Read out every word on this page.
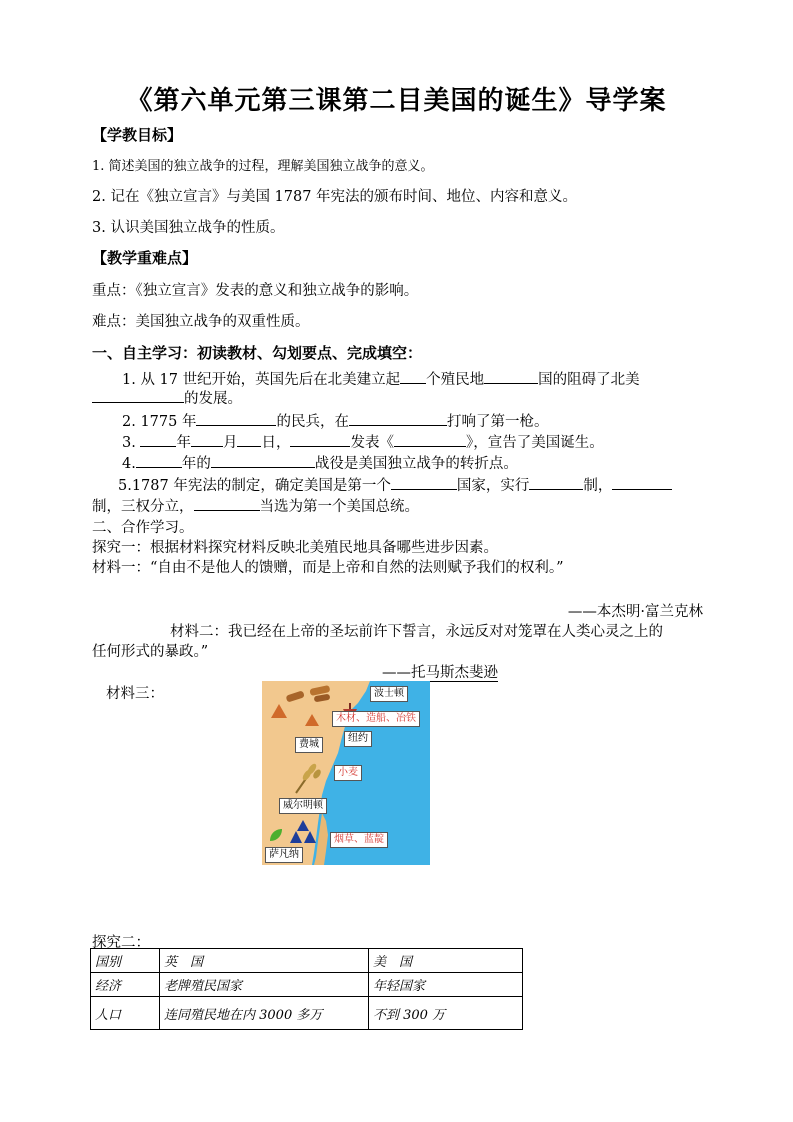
《第六单元第三课第二目美国的诞生》导学案
【学教目标】
1. 简述美国的独立战争的过程，理解美国独立战争的意义。
2. 记在《独立宣言》与美国 1787 年宪法的颁布时间、地位、内容和意义。
3. 认识美国独立战争的性质。
【教学重难点】
重点：《独立宣言》发表的意义和独立战争的影响。
难点：美国独立战争的双重性质。
一、自主学习：初读教材、勾划要点、完成填空：
1. 从 17 世纪开始，英国先后在北美建立起 个殖民地	国的阻碍了北美
的发展。
2. 1775 年	的民兵，在	打响了第一枪。
3.	年 月 日，	发表《	》，宣告了美国诞生。
4.	年的	战役是美国独立战争的转折点。
5.1787 年宪法的制定，确定美国是第一个	国家，实行	制，
制，三权分立，	当选为第一个美国总统。
二、合作学习。
探究一：根据材料探究材料反映北美殖民地具备哪些进步因素。
材料一：“自由不是他人的馈赠，而是上帝和自然的法则赋予我们的权利。”
——本杰明·富兰克林
材料二：我已经在上帝的圣坛前许下誓言，永远反对对笼罩在人类心灵之上的
任何形式的暴政。”
——托马斯杰斐逊
材料三：	波士顿
木材、造船、冶铁
费城
纽约
小麦
威尔明顿
烟草、蓝靛
萨凡纳
探究二：
国别	英　国	美　国
经济	老牌殖民国家	年轻国家
人口	连同殖民地在内 3000 多万	不到 300 万
